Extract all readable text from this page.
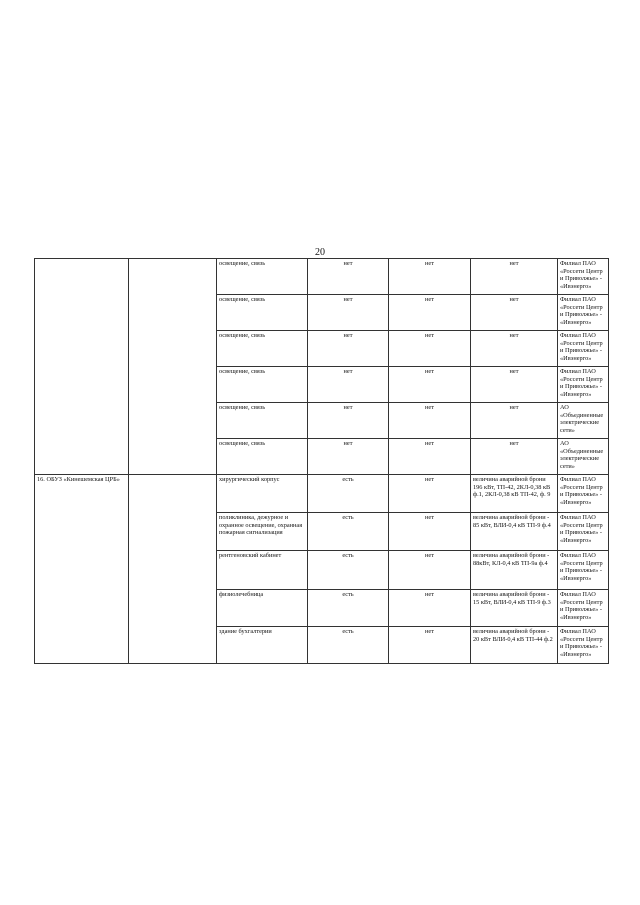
20
		освещение, связь	нет	нет	нет	Филиал ПАО «Россети Центр и Приволжье» - «Ивэнерго»
		освещение, связь	нет	нет	нет	Филиал ПАО «Россети Центр и Приволжье» - «Ивэнерго»
		освещение, связь	нет	нет	нет	Филиал ПАО «Россети Центр и Приволжье» - «Ивэнерго»
		освещение, связь	нет	нет	нет	Филиал ПАО «Россети Центр и Приволжье» - «Ивэнерго»
		освещение, связь	нет	нет	нет	АО «Объединенные электрические сети»
		освещение, связь	нет	нет	нет	АО «Объединенные электрические сети»
16. ОБУЗ «Кинешемская ЦРБ»		хирургический корпус	есть	нет	величина аварийной брони 196 кВт, ТП-42, 2КЛ-0,38 кВ ф.1, 2КЛ-0,38 кВ ТП-42, ф. 9	Филиал ПАО «Россети Центр и Приволжье» - «Ивэнерго»
		поликлиника, дежурное и охранное освещение, охранная пожарная сигнализация	есть	нет	величина аварийной брони - 85 кВт, ВЛИ-0,4 кВ ТП-9 ф.4	Филиал ПАО «Россети Центр и Приволжье» - «Ивэнерго»
		рентгеновский кабинет	есть	нет	величина аварийной брони - 88кВт, КЛ-0,4 кВ ТП-9а ф.4	Филиал ПАО «Россети Центр и Приволжье» - «Ивэнерго»
		физиолечебница	есть	нет	величина аварийной брони - 15 кВт, ВЛИ-0,4 кВ ТП-9 ф.3	Филиал ПАО «Россети Центр и Приволжье» - «Ивэнерго»
		здание бухгалтерии	есть	нет	величина аварийной брони - 20 кВт ВЛИ-0,4 кВ ТП-44 ф.2	Филиал ПАО «Россети Центр и Приволжье» - «Ивэнерго»
